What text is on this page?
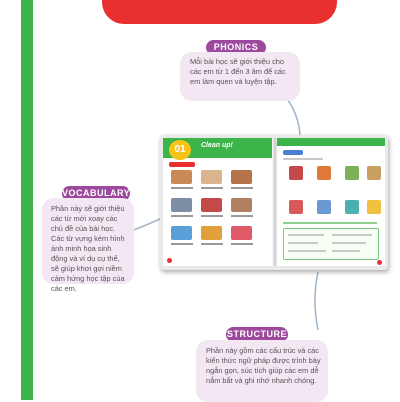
PHONICS
Mỗi bài học sẽ giới thiệu cho các em từ 1 đến 3 âm để các em làm quen và luyện tập.
VOCABULARY
Phần này sẽ giới thiệu các từ mới xoay các chủ đề của bài học. Các từ vựng kèm hình ảnh minh họa sinh động và ví dụ cụ thể, sẽ giúp khơi gợi niềm cảm hứng học tập của các em.
STRUCTURE
Phần này gồm các cấu trúc và các kiến thức ngữ pháp được trình bày ngắn gọn, súc tích giúp các em dễ nắm bắt và ghi nhớ nhanh chóng.
01	Clean up!
